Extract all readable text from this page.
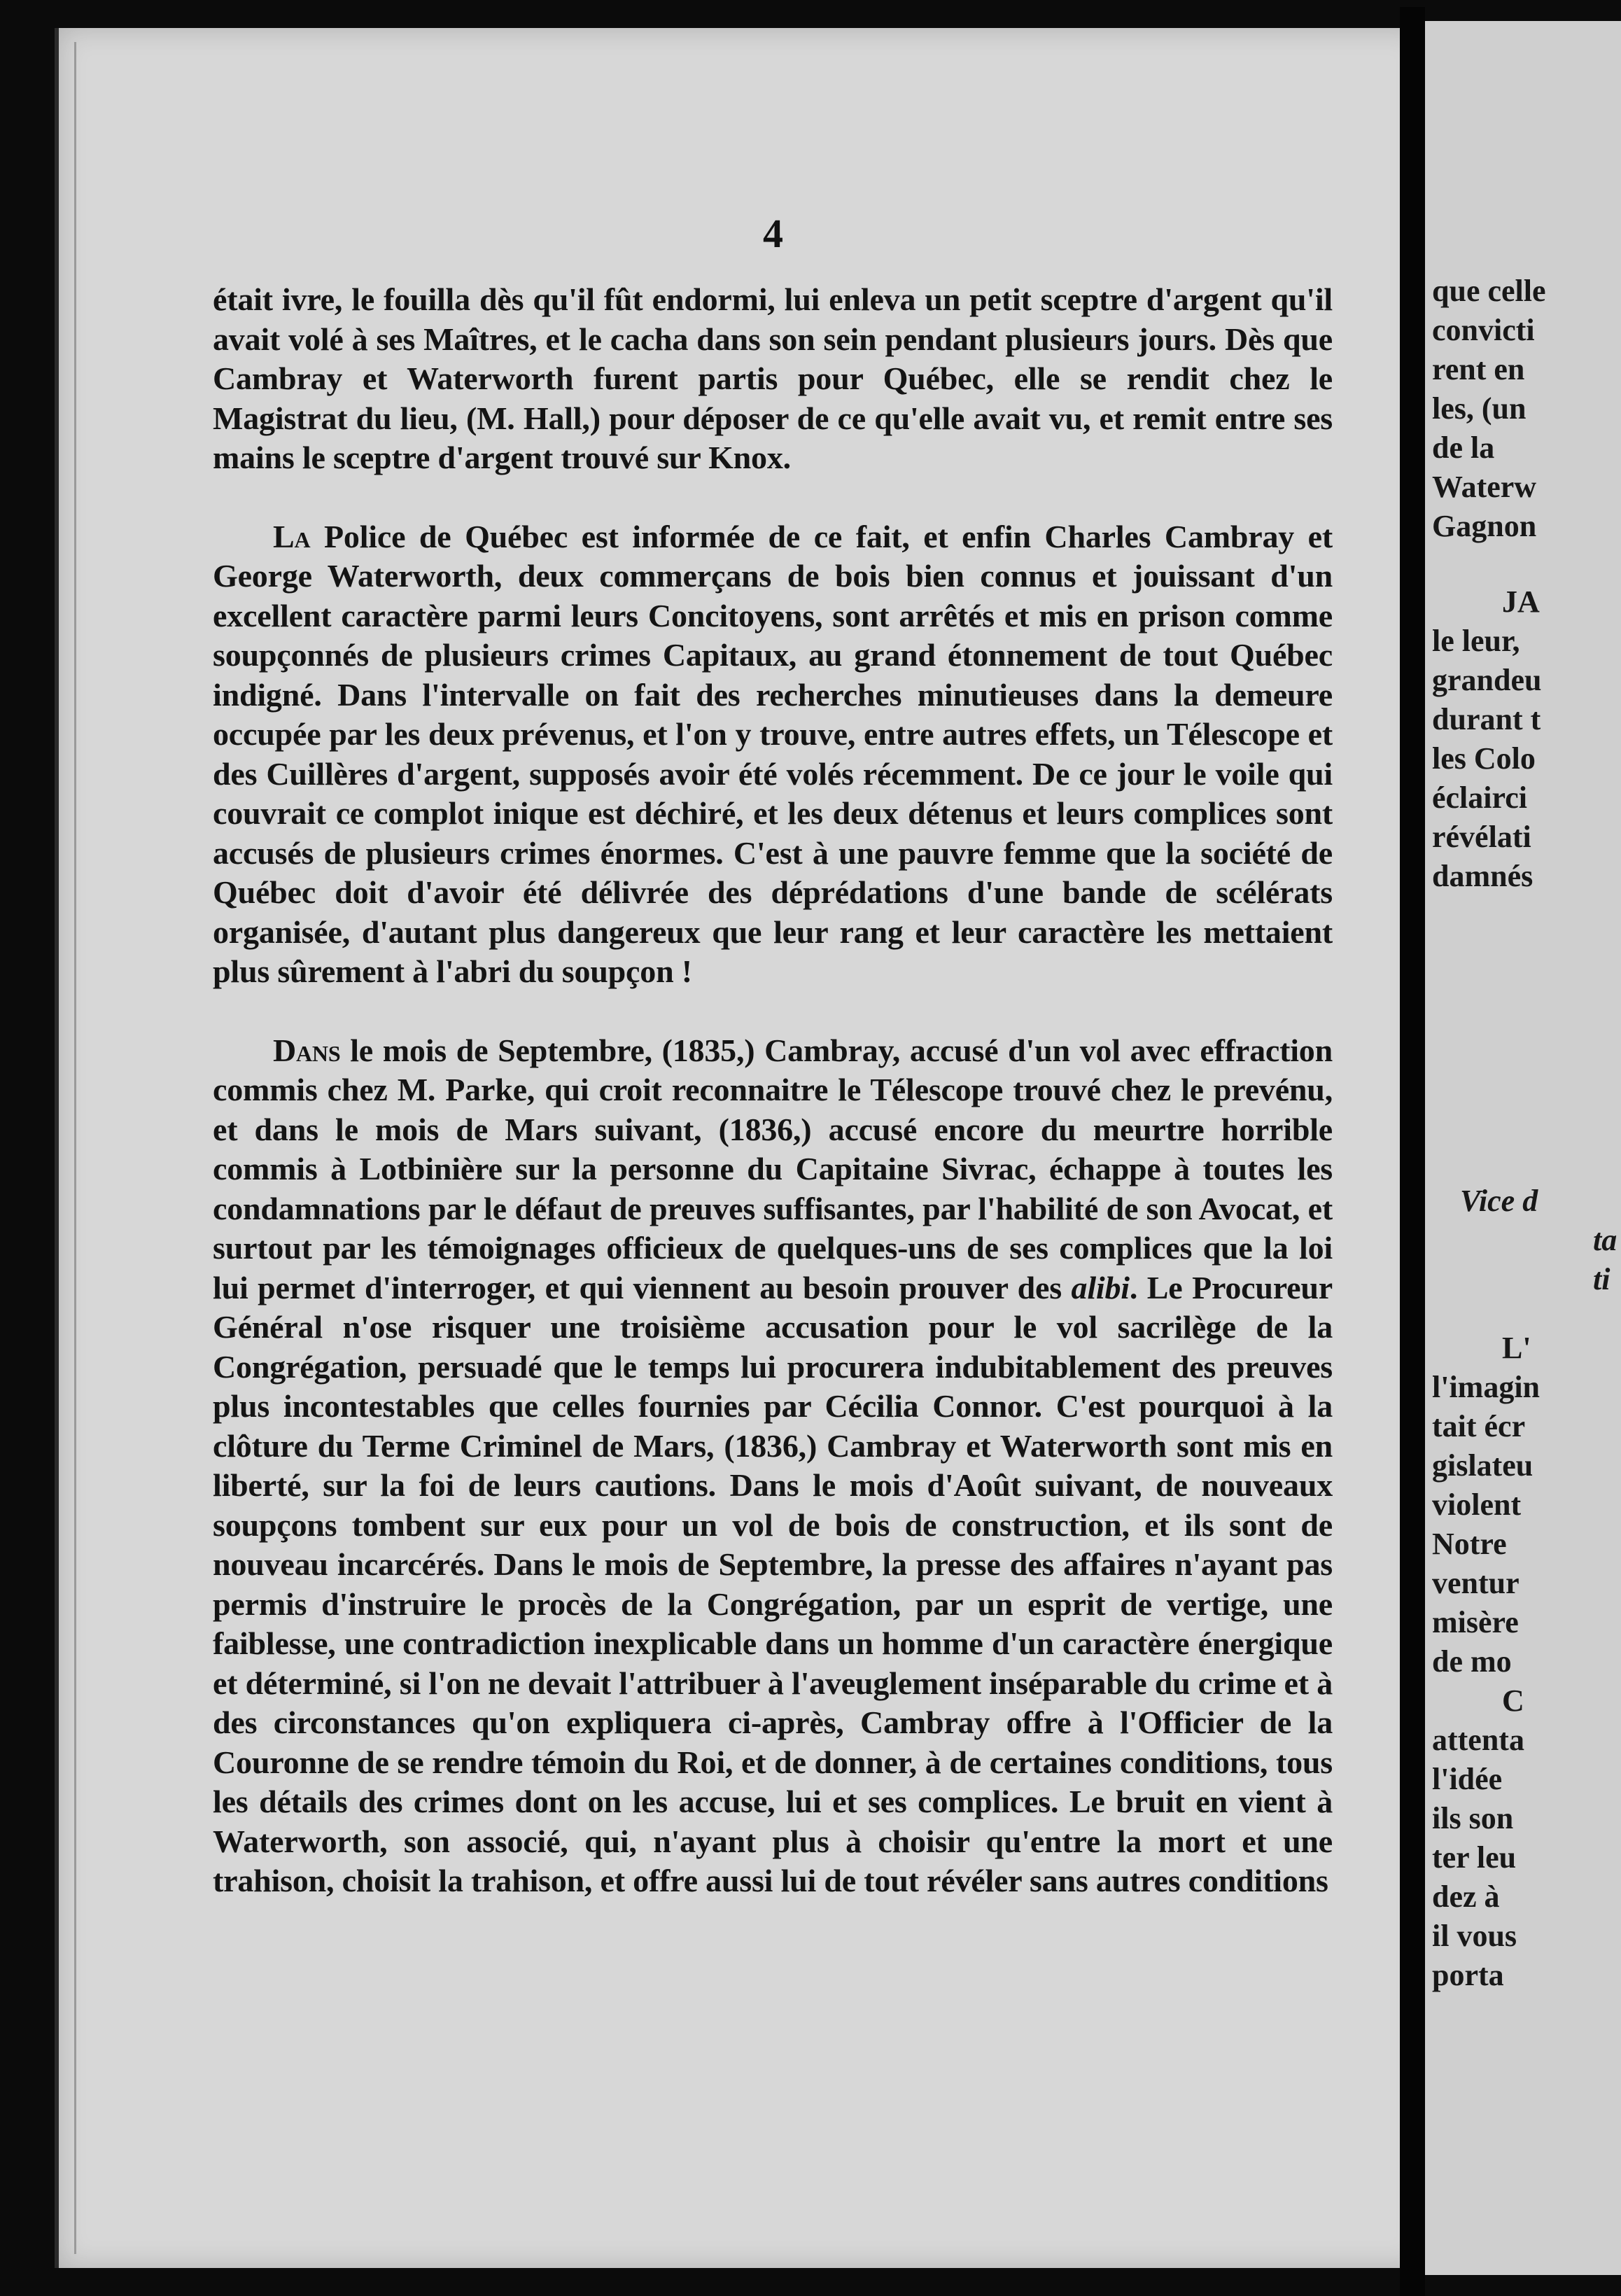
que celle
convicti
rent en
les, (un
de la
Waterw
Gagnon
JA
le leur,
grandeu
durant t
les Colo
éclairci
révélati
damnés
Vice d
ta
ti
L'
l'imagin
tait écr
gislateu
violent
Notre
ventur
misère
de mo
C
attenta
l'idée
ils son
ter leu
dez à
il vous
porta
4

était ivre, le fouilla dès qu'il fût endormi, lui enleva un petit sceptre d'argent qu'il avait volé à ses Maîtres, et le cacha dans son sein pendant plusieurs jours. Dès que Cambray et Waterworth furent partis pour Québec, elle se rendit chez le Magistrat du lieu, (M. Hall,) pour déposer de ce qu'elle avait vu, et remit entre ses mains le sceptre d'argent trouvé sur Knox.

La Police de Québec est informée de ce fait, et enfin Charles Cambray et George Waterworth, deux commerçans de bois bien connus et jouissant d'un excellent caractère parmi leurs Concitoyens, sont arrêtés et mis en prison comme soupçonnés de plusieurs crimes Capitaux, au grand étonnement de tout Québec indigné. Dans l'intervalle on fait des recherches minutieuses dans la demeure occupée par les deux prévenus, et l'on y trouve, entre autres effets, un Télescope et des Cuillères d'argent, supposés avoir été volés récemment. De ce jour le voile qui couvrait ce complot inique est déchiré, et les deux détenus et leurs complices sont accusés de plusieurs crimes énormes. C'est à une pauvre femme que la société de Québec doit d'avoir été délivrée des déprédations d'une bande de scélérats organisée, d'autant plus dangereux que leur rang et leur caractère les mettaient plus sûrement à l'abri du soupçon !

Dans le mois de Septembre, (1835,) Cambray, accusé d'un vol avec effraction commis chez M. Parke, qui croit reconnaitre le Télescope trouvé chez le prevénu, et dans le mois de Mars suivant, (1836,) accusé encore du meurtre horrible commis à Lotbinière sur la personne du Capitaine Sivrac, échappe à toutes les condamnations par le défaut de preuves suffisantes, par l'habilité de son Avocat, et surtout par les témoignages officieux de quelques-uns de ses complices que la loi lui permet d'interroger, et qui viennent au besoin prouver des alibi. Le Procureur Général n'ose risquer une troisième accusation pour le vol sacrilège de la Congrégation, persuadé que le temps lui procurera indubitablement des preuves plus incontestables que celles fournies par Cécilia Connor. C'est pourquoi à la clôture du Terme Criminel de Mars, (1836,) Cambray et Waterworth sont mis en liberté, sur la foi de leurs cautions. Dans le mois d'Août suivant, de nouveaux soupçons tombent sur eux pour un vol de bois de construction, et ils sont de nouveau incarcérés. Dans le mois de Septembre, la presse des affaires n'ayant pas permis d'instruire le procès de la Congrégation, par un esprit de vertige, une faiblesse, une contradiction inexplicable dans un homme d'un caractère énergique et déterminé, si l'on ne devait l'attribuer à l'aveuglement inséparable du crime et à des circonstances qu'on expliquera ci-après, Cambray offre à l'Officier de la Couronne de se rendre témoin du Roi, et de donner, à de certaines conditions, tous les détails des crimes dont on les accuse, lui et ses complices. Le bruit en vient à Waterworth, son associé, qui, n'ayant plus à choisir qu'entre la mort et une trahison, choisit la trahison, et offre aussi lui de tout révéler sans autres conditions
